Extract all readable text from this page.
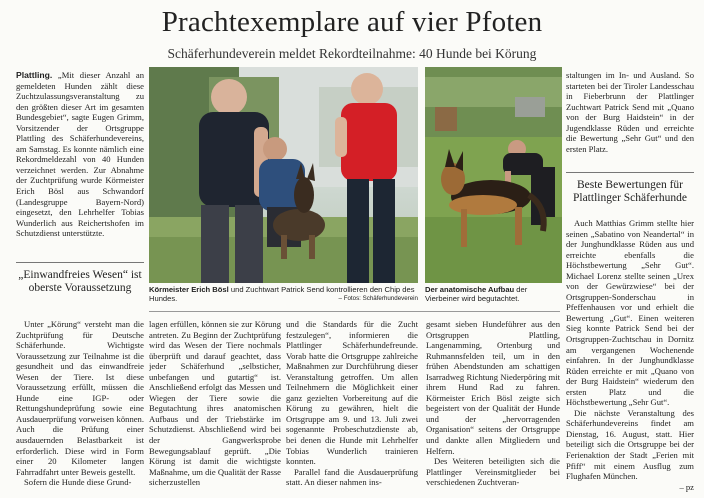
Prachtexemplare auf vier Pfoten
Schäferhundeverein meldet Rekordteilnahme: 40 Hunde bei Körung

Plattling. „Mit dieser Anzahl an gemeldeten Hunden zählt diese Zuchtzulassungsveranstaltung zu den größten dieser Art im gesamten Bundesgebiet“, sagte Eugen Grimm, Vorsitzender der Ortsgruppe Plattling des Schäferhundevereins, am Samstag. Es konnte nämlich eine Rekordmeldezahl von 40 Hunden verzeichnet werden. Zur Abnahme der Zuchtprüfung wurde Körmeister Erich Bösl aus Schwandorf (Landesgruppe Bayern-Nord) eingesetzt, den Lehrhelfer Tobias Wunderlich aus Reichertshofen im Schutzdienst unterstützte.

„Einwandfreies Wesen“ ist oberste Voraussetzung

Unter „Körung“ versteht man die Zuchtprüfung für Deutsche Schäferhunde. Wichtigste Voraussetzung zur Teilnahme ist die gesundheit und das einwandfreie Wesen der Tiere. Ist diese Voraussetzung erfüllt, müssen die Hunde eine IGP- oder Rettungshundeprüfung sowie eine Ausdauerprüfung vorweisen können. Auch die Prüfung einer ausdauernden Belastbarkeit ist erforderlich. Diese wird in Form einer 20 Kilometer langen Fahrradfahrt unter Beweis gestellt.

Sofern die Hunde diese Grund-

lagen erfüllen, können sie zur Körung antreten. Zu Beginn der Zuchtprüfung wird das Wesen der Tiere nochmals überprüft und darauf geachtet, dass jeder Schäferhund „selbsticher, unbefangen und gutartig“ ist. Anschließend erfolgt das Messen und Wiegen der Tiere sowie die Begutachtung ihres anatomischen Aufbaus und der Triebstärke im Schutzdienst. Abschließend wird bei der Gangwerksprobe Bewegungsablauf geprüft. „Die Körung ist damit die wichtigste Maßnahme, um die Qualität der Rasse sicherzustellen

und die Standards für die Zucht festzulegen“, informieren die Plattlinger Schäferhundefreunde. Vorab hatte die Ortsgruppe zahlreiche Maßnahmen zur Durchführung dieser Veranstaltung getroffen. Um allen Teilnehmern die Möglichkeit einer ganz gezielten Vorbereitung auf die Körung zu gewähren, hielt die Ortsgruppe am 9. und 13. Juli zwei sogenannte Probeschutzdienste ab, bei denen die Hunde mit Lehrhelfer Tobias Wunderlich trainieren konnten.

Parallel fand die Ausdauerprüfung statt. An dieser nahmen ins-

gesamt sieben Hundeführer aus den Ortsgruppen Plattling, Langenamming, Ortenburg und Ruhmannsfelden teil, um in den frühen Abendstunden am schattigen Isarradweg Richtung Niederpöring mit ihrem Hund Rad zu fahren. Körmeister Erich Bösl zeigte sich begeistert von der Qualität der Hunde und der „hervorragenden Organisation“ seitens der Ortsgruppe und dankte allen Mitgliedern und Helfern.

Des Weiteren beteiligten sich die Plattlinger Vereinsmitglieder bei verschiedenen Zuchtveran-

staltungen im In- und Ausland. So starteten bei der Tiroler Landesschau in Fieberbrunn der Plattlinger Zuchtwart Patrick Send mit „Quano von der Burg Haidstein“ in der Jugendklasse Rüden und erreichte die Bewertung „Sehr Gut“ und den ersten Platz.

Beste Bewertungen für Plattlinger Schäferhunde

Auch Matthias Grimm stellte hier seinen „Sabatino von Neandertal“ in der Junghundklasse Rüden aus und erreichte ebenfalls die Höchstbewertung „Sehr Gut“. Michael Lorenz stellte seinen „Urex von der Gewürzwiese“ bei der Ortsgruppen-Sonderschau in Pfeffenhausen vor und erhielt die Bewertung „Gut“. Einen weiteren Sieg konnte Patrick Send bei der Ortsgruppen-Zuchtschau in Dornitz am vergangenen Wochenende einfahren. In der Junghundklasse Rüden erreichte er mit „Quano von der Burg Haidstein“ wiederum den ersten Platz und die Höchstbewertung „Sehr Gut“.

Die nächste Veranstaltung des Schäferhundevereins findet am Dienstag, 16. August, statt. Hier beteiligt sich die Ortsgruppe bei der Ferienaktion der Stadt „Ferien mit Pfiff“ mit einem Ausflug zum Flughafen München.

– pz

Körmeister Erich Bösl und Zuchtwart Patrick Send kontrollieren den Chip des Hundes.	– Fotos: Schäferhundeverein
Der anatomische Aufbau der Vierbeiner wird begutachtet.
